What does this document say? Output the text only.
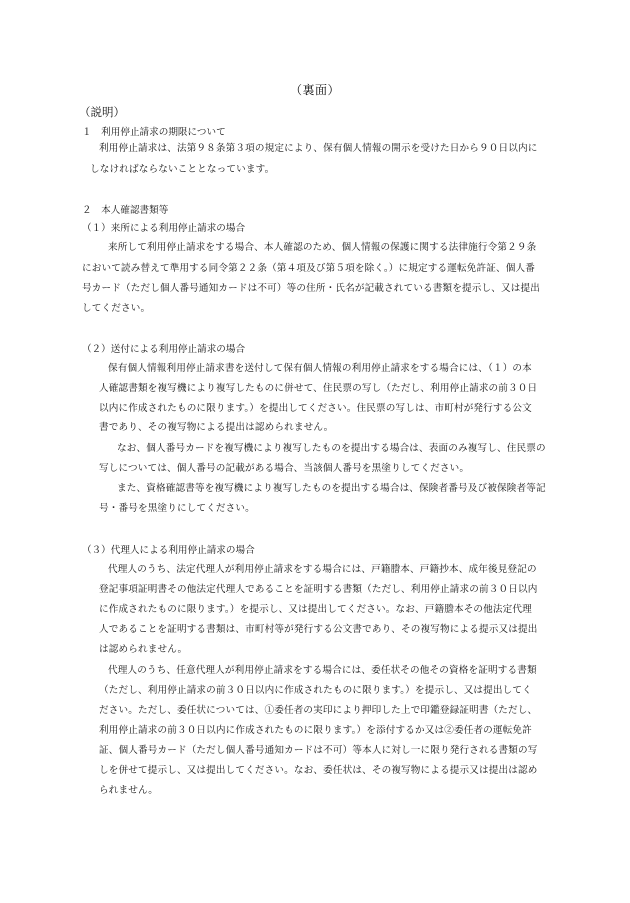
（裏面）
（説明）
１　利用停止請求の期限について
利用停止請求は、法第９８条第３項の規定により、保有個人情報の開示を受けた日から９０日以内に
しなければならないこととなっています。
２　本人確認書類等
（１）来所による利用停止請求の場合
来所して利用停止請求をする場合、本人確認のため、個人情報の保護に関する法律施行令第２９条
において読み替えて準用する同令第２２条（第４項及び第５項を除く。）に規定する運転免許証、個人番
号カード（ただし個人番号通知カードは不可）等の住所・氏名が記載されている書類を提示し、又は提出
してください。
（２）送付による利用停止請求の場合
保有個人情報利用停止請求書を送付して保有個人情報の利用停止請求をする場合には、（１）の本
人確認書類を複写機により複写したものに併せて、住民票の写し（ただし、利用停止請求の前３０日
以内に作成されたものに限ります。）を提出してください。住民票の写しは、市町村が発行する公文
書であり、その複写物による提出は認められません。
なお、個人番号カードを複写機により複写したものを提出する場合は、表面のみ複写し、住民票の
写しについては、個人番号の記載がある場合、当該個人番号を黒塗りしてください。
また、資格確認書等を複写機により複写したものを提出する場合は、保険者番号及び被保険者等記
号・番号を黒塗りにしてください。
（３）代理人による利用停止請求の場合
代理人のうち、法定代理人が利用停止請求をする場合には、戸籍謄本、戸籍抄本、成年後見登記の
登記事項証明書その他法定代理人であることを証明する書類（ただし、利用停止請求の前３０日以内
に作成されたものに限ります。）を提示し、又は提出してください。なお、戸籍謄本その他法定代理
人であることを証明する書類は、市町村等が発行する公文書であり、その複写物による提示又は提出
は認められません。
代理人のうち、任意代理人が利用停止請求をする場合には、委任状その他その資格を証明する書類
（ただし、利用停止請求の前３０日以内に作成されたものに限ります。）を提示し、又は提出してく
ださい。ただし、委任状については、①委任者の実印により押印した上で印鑑登録証明書（ただし、
利用停止請求の前３０日以内に作成されたものに限ります。）を添付するか又は②委任者の運転免許
証、個人番号カード（ただし個人番号通知カードは不可）等本人に対し一に限り発行される書類の写
しを併せて提示し、又は提出してください。なお、委任状は、その複写物による提示又は提出は認め
られません。
